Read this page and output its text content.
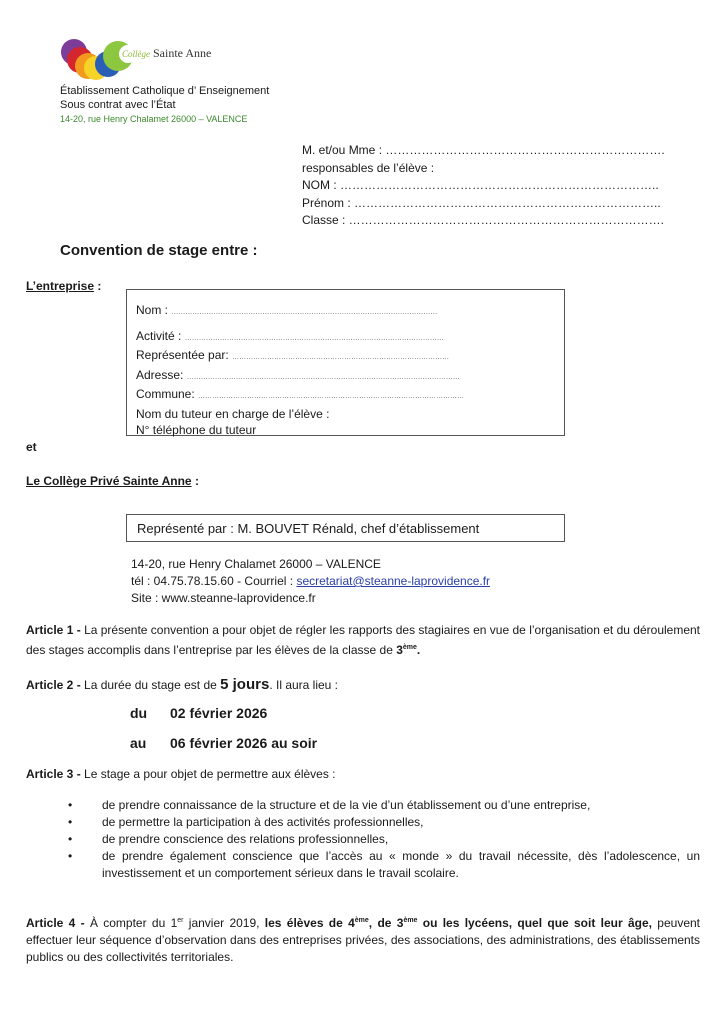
Collège Sainte Anne
Établissement Catholique d’ Enseignement
Sous contrat avec l’État
14-20, rue Henry Chalamet 26000 – VALENCE
M. et/ou Mme : …………………………………………………………….
responsables de l’élève :
NOM : ……………………………………………………………………..
Prénom : …………………………………………………………………..
Classe : …………………………………………………………………….
Convention de stage entre :
L’entreprise :
Nom : ……………………………………………………………………………………………………
Activité : …………………………………………………………………………………………………
Représentée par: …………………………………………………………………………………
Adresse: ………………………………………………………………………………………………………
Commune: ……………………………………………………………………………………………………
Nom du tuteur en charge de l’élève :
N° téléphone du tuteur
et
Le Collège Privé Sainte Anne :
Représenté par : M. BOUVET Rénald, chef d’établissement
14-20, rue Henry Chalamet 26000 – VALENCE
tél : 04.75.78.15.60 - Courriel : secretariat@steanne-laprovidence.fr
Site : www.steanne-laprovidence.fr
Article 1 - La présente convention a pour objet de régler les rapports des stagiaires en vue de l’organisation et du déroulement des stages accomplis dans l’entreprise par les élèves de la classe de 3ème.
Article 2 - La durée du stage est de 5 jours. Il aura lieu :
du 02 février 2026
au 06 février 2026 au soir
Article 3 - Le stage a pour objet de permettre aux élèves :
• de prendre connaissance de la structure et de la vie d’un établissement ou d’une entreprise,
• de permettre la participation à des activités professionnelles,
• de prendre conscience des relations professionnelles,
• de prendre également conscience que l’accès au « monde » du travail nécessite, dès l’adolescence, un investissement et un comportement sérieux dans le travail scolaire.
Article 4 - À compter du 1er janvier 2019, les élèves de 4ème, de 3ème ou les lycéens, quel que soit leur âge, peuvent effectuer leur séquence d’observation dans des entreprises privées, des associations, des administrations, des établissements publics ou des collectivités territoriales.
